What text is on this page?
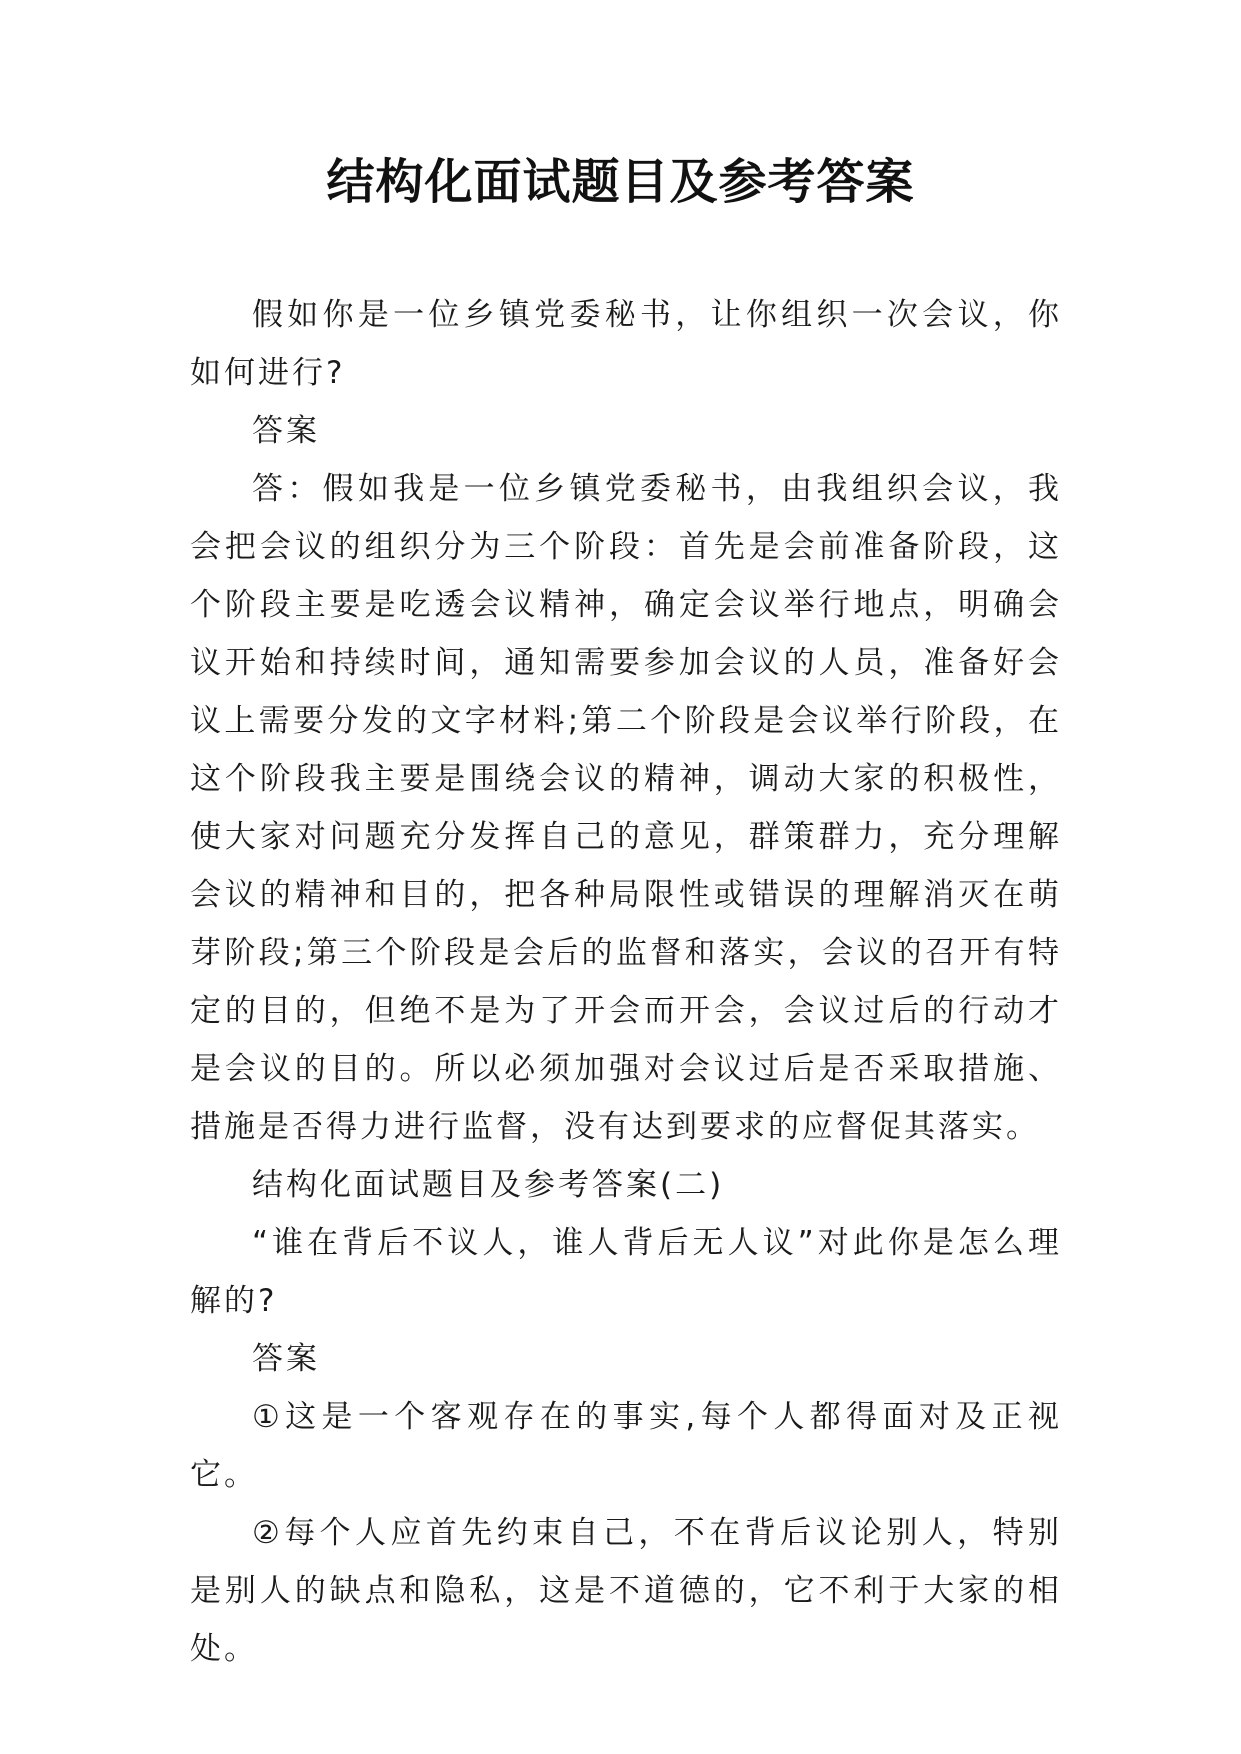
结构化面试题目及参考答案

假如你是一位乡镇党委秘书，让你组织一次会议，你如何进行?

答案

答：假如我是一位乡镇党委秘书，由我组织会议，我会把会议的组织分为三个阶段：首先是会前准备阶段，这个阶段主要是吃透会议精神，确定会议举行地点，明确会议开始和持续时间，通知需要参加会议的人员，准备好会议上需要分发的文字材料;第二个阶段是会议举行阶段，在这个阶段我主要是围绕会议的精神，调动大家的积极性，使大家对问题充分发挥自己的意见，群策群力，充分理解会议的精神和目的，把各种局限性或错误的理解消灭在萌芽阶段;第三个阶段是会后的监督和落实，会议的召开有特定的目的，但绝不是为了开会而开会，会议过后的行动才是会议的目的。所以必须加强对会议过后是否采取措施、措施是否得力进行监督，没有达到要求的应督促其落实。

结构化面试题目及参考答案(二)

“谁在背后不议人，谁人背后无人议”对此你是怎么理解的?

答案

①这是一个客观存在的事实,每个人都得面对及正视它。

②每个人应首先约束自己，不在背后议论别人，特别是别人的缺点和隐私，这是不道德的，它不利于大家的相处。
